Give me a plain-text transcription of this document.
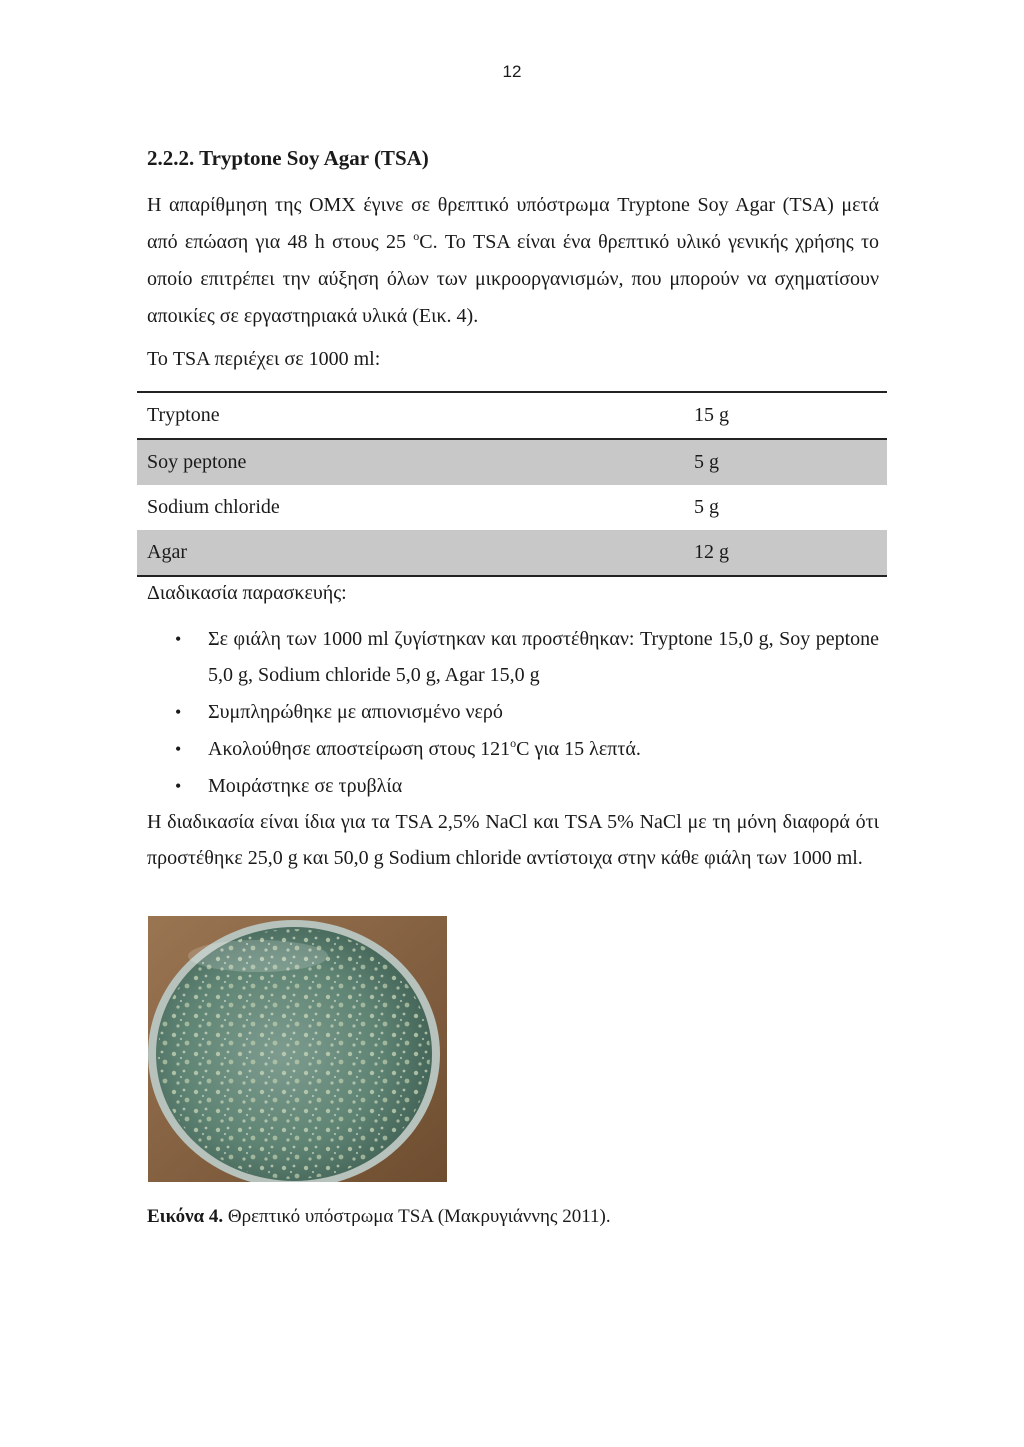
12
2.2.2. Tryptone Soy Agar (TSA)

Η απαρίθμηση της ΟΜΧ έγινε σε θρεπτικό υπόστρωμα Tryptone Soy Agar (TSA) μετά από επώαση για 48 h στους 25 $^o$C. Το TSA είναι ένα θρεπτικό υλικό γενικής χρήσης το οποίο επιτρέπει την αύξηση όλων των μικροοργανισμών, που μπορούν να σχηματίσουν αποικίες σε εργαστηριακά υλικά (Εικ. 4).

Το TSA περιέχει σε 1000 ml:

Tryptone	15 g
Soy peptone	5 g
Sodium chloride	5 g
Agar	12 g
Διαδικασία παρασκευής:
• Σε φιάλη των 1000 ml ζυγίστηκαν και προστέθηκαν: Tryptone 15,0 g, Soy peptone 5,0 g, Sodium chloride 5,0 g, Agar 15,0 g
• Συμπληρώθηκε με απιονισμένο νερό
• Ακολούθησε αποστείρωση στους 121$^o$C για 15 λεπτά.
• Μοιράστηκε σε τρυβλία

Η διαδικασία είναι ίδια για τα TSA 2,5% NaCl και TSA 5% NaCl με τη μόνη διαφορά ότι προστέθηκε 25,0 g και 50,0 g Sodium chloride αντίστοιχα στην κάθε φιάλη των 1000 ml.

Εικόνα 4. Θρεπτικό υπόστρωμα TSA (Μακρυγιάννης 2011).
